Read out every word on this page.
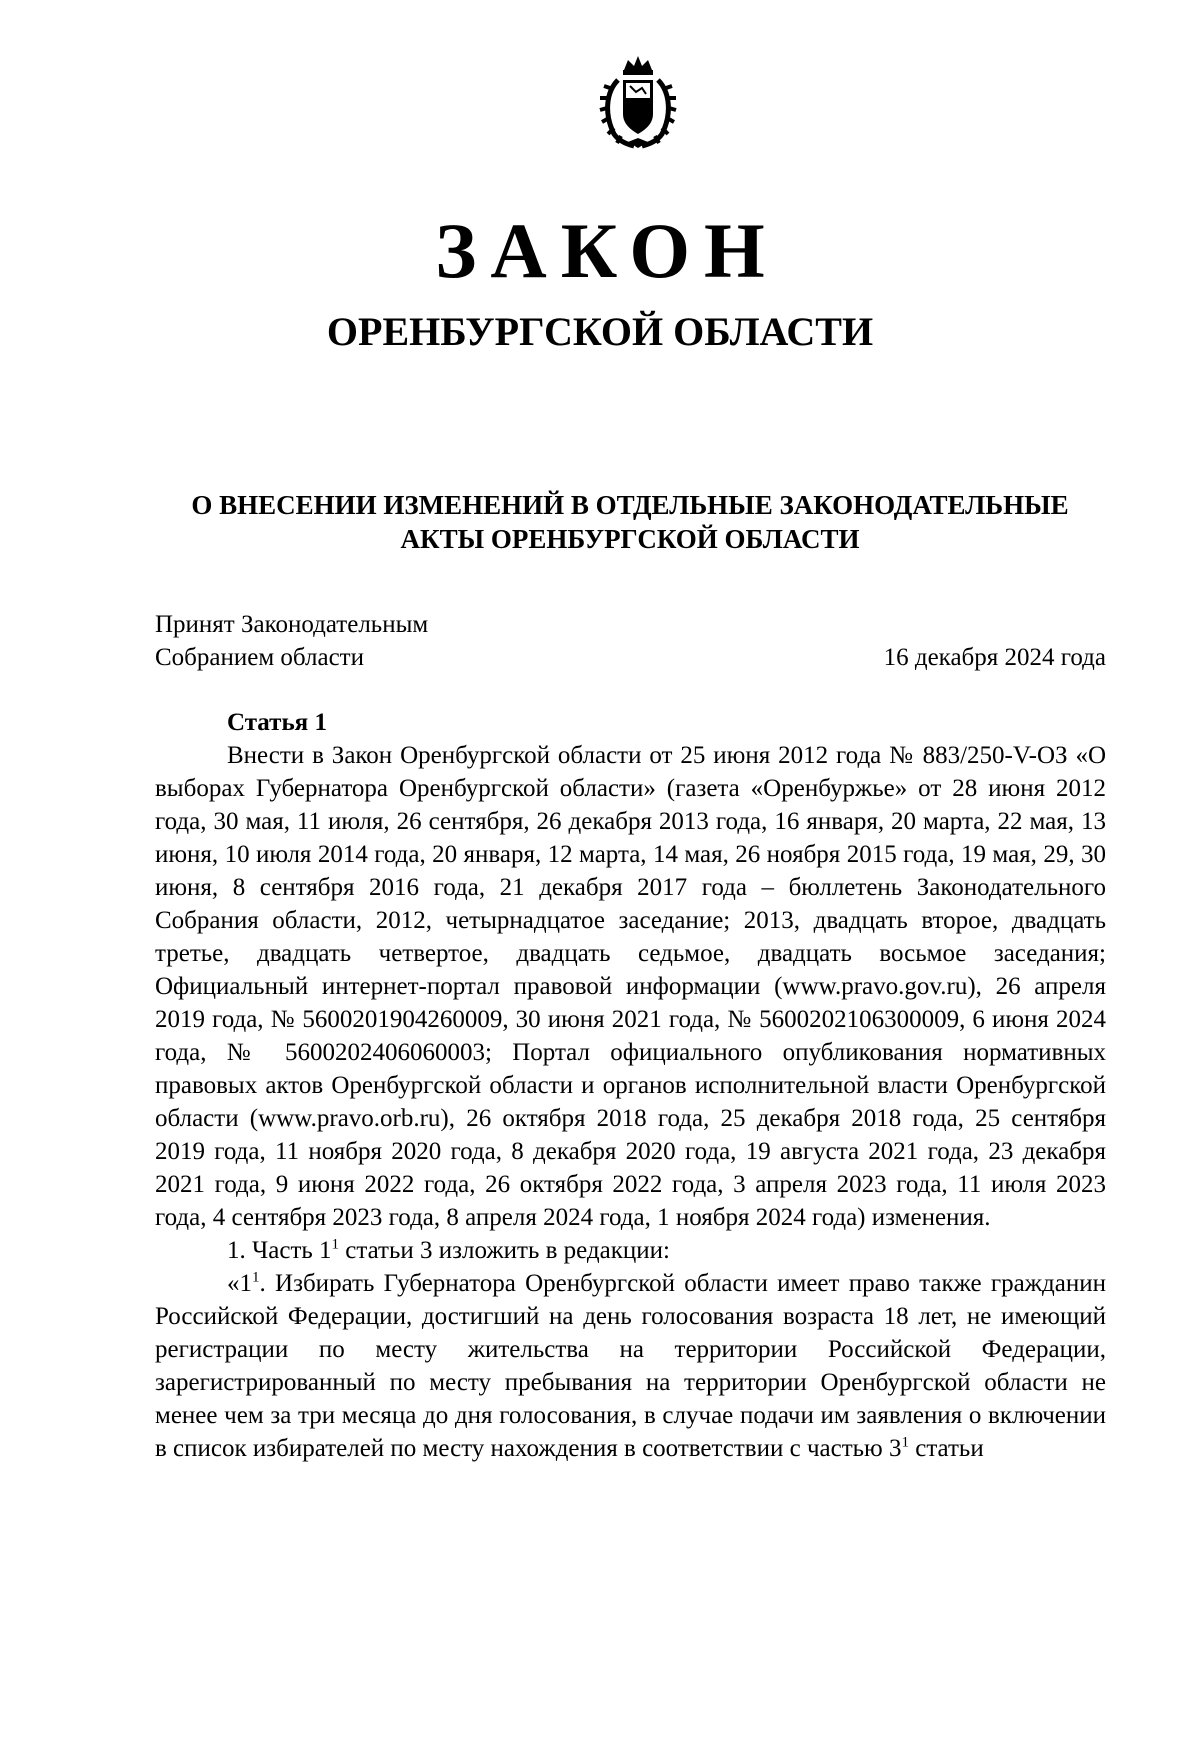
ЗАКОН
ОРЕНБУРГСКОЙ ОБЛАСТИ
О ВНЕСЕНИИ ИЗМЕНЕНИЙ В ОТДЕЛЬНЫЕ ЗАКОНОДАТЕЛЬНЫЕ
АКТЫ ОРЕНБУРГСКОЙ ОБЛАСТИ
Принят Законодательным
Собранием области	16 декабря 2024 года
Статья 1

Внести в Закон Оренбургской области от 25 июня 2012 года № 883/250-V-ОЗ «О выборах Губернатора Оренбургской области» (газета «Оренбуржье» от 28 июня 2012 года, 30 мая, 11 июля, 26 сентября, 26 декабря 2013 года, 16 января, 20 марта, 22 мая, 13 июня, 10 июля 2014 года, 20 января, 12 марта, 14 мая, 26 ноября 2015 года, 19 мая, 29, 30 июня, 8 сентября 2016 года, 21 декабря 2017 года – бюллетень Законодательного Собрания области, 2012, четырнадцатое заседание; 2013, двадцать второе, двадцать третье, двадцать четвертое, двадцать седьмое, двадцать восьмое заседания; Официальный интернет-портал правовой информации (www.pravo.gov.ru), 26 апреля 2019 года, № 5600201904260009, 30 июня 2021 года, № 5600202106300009, 6 июня 2024 года, № 5600202406060003; Портал официального опубликования нормативных правовых актов Оренбургской области и органов исполнительной власти Оренбургской области (www.pravo.orb.ru), 26 октября 2018 года, 25 декабря 2018 года, 25 сентября 2019 года, 11 ноября 2020 года, 8 декабря 2020 года, 19 августа 2021 года, 23 декабря 2021 года, 9 июня 2022 года, 26 октября 2022 года, 3 апреля 2023 года, 11 июля 2023 года, 4 сентября 2023 года, 8 апреля 2024 года, 1 ноября 2024 года) изменения.

1. Часть $1^1$ статьи 3 изложить в редакции:

«$1^1$. Избирать Губернатора Оренбургской области имеет право также гражданин Российской Федерации, достигший на день голосования возраста 18 лет, не имеющий регистрации по месту жительства на территории Российской Федерации, зарегистрированный по месту пребывания на территории Оренбургской области не менее чем за три месяца до дня голосования, в случае подачи им заявления о включении в список избирателей по месту нахождения в соответствии с частью $3^1$ статьи
